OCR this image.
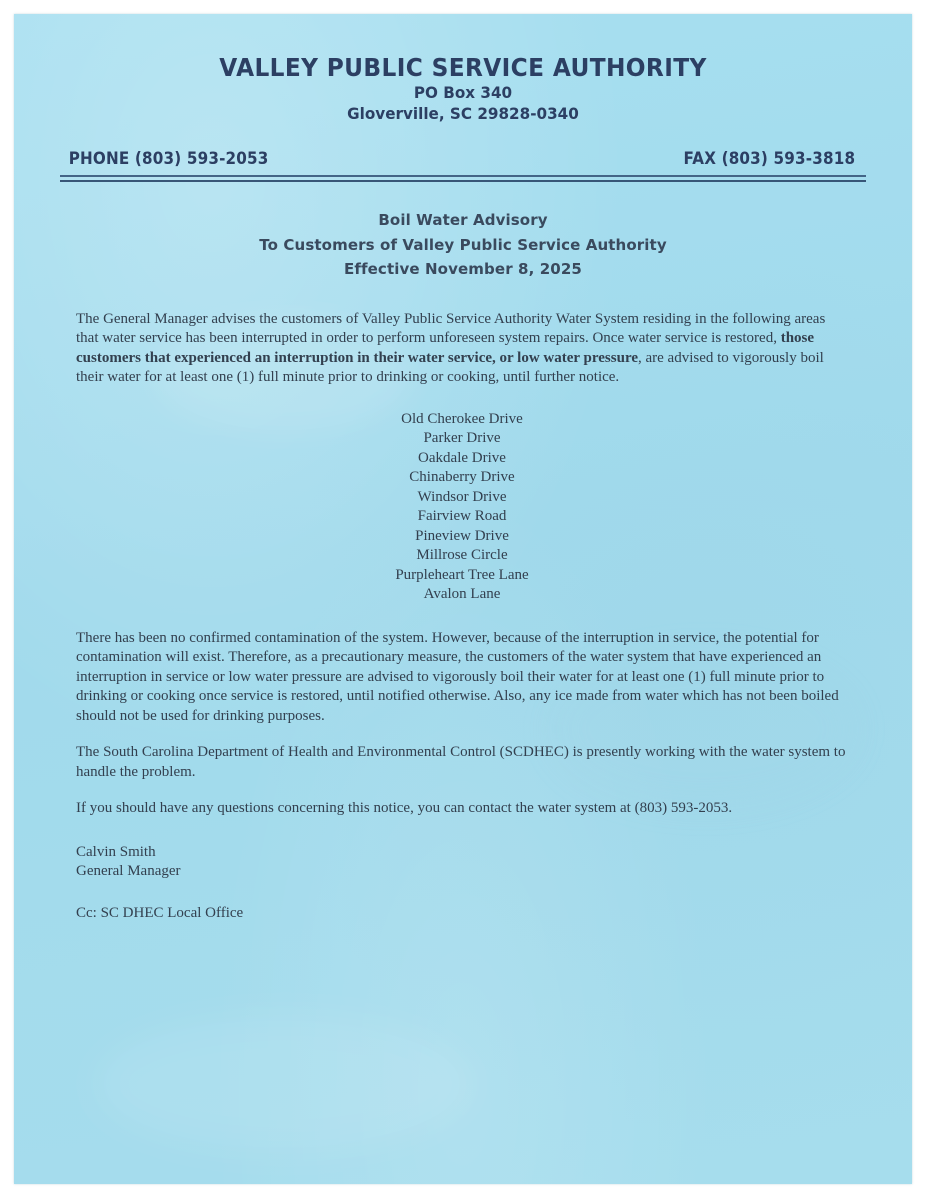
VALLEY PUBLIC SERVICE AUTHORITY
PO Box 340
Gloverville, SC 29828-0340
PHONE (803) 593-2053	FAX (803) 593-3818
Boil Water Advisory
To Customers of Valley Public Service Authority
Effective November 8, 2025

The General Manager advises the customers of Valley Public Service Authority Water System residing in the following areas that water service has been interrupted in order to perform unforeseen system repairs. Once water service is restored, those customers that experienced an interruption in their water service, or low water pressure, are advised to vigorously boil their water for at least one (1) full minute prior to drinking or cooking, until further notice.

Old Cherokee Drive
Parker Drive
Oakdale Drive
Chinaberry Drive
Windsor Drive
Fairview Road
Pineview Drive
Millrose Circle
Purpleheart Tree Lane
Avalon Lane

There has been no confirmed contamination of the system. However, because of the interruption in service, the potential for contamination will exist. Therefore, as a precautionary measure, the customers of the water system that have experienced an interruption in service or low water pressure are advised to vigorously boil their water for at least one (1) full minute prior to drinking or cooking once service is restored, until notified otherwise. Also, any ice made from water which has not been boiled should not be used for drinking purposes.

The South Carolina Department of Health and Environmental Control (SCDHEC) is presently working with the water system to handle the problem.

If you should have any questions concerning this notice, you can contact the water system at (803) 593-2053.

Calvin Smith
General Manager
Cc: SC DHEC Local Office
